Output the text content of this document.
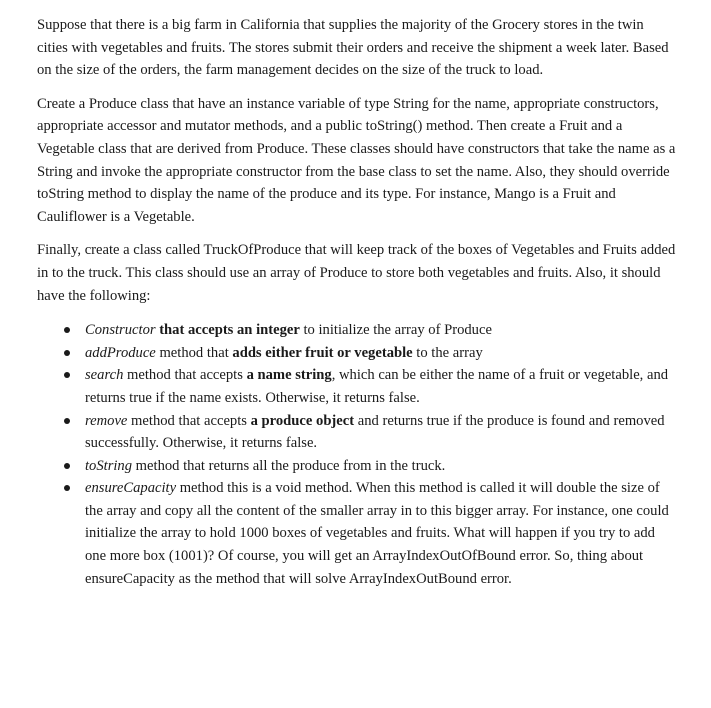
Suppose that there is a big farm in California that supplies the majority of the Grocery stores in the twin cities with vegetables and fruits. The stores submit their orders and receive the shipment a week later. Based on the size of the orders, the farm management decides on the size of the truck to load.

Create a Produce class that have an instance variable of type String for the name, appropriate constructors, appropriate accessor and mutator methods, and a public toString() method. Then create a Fruit and a Vegetable class that are derived from Produce. These classes should have constructors that take the name as a String and invoke the appropriate constructor from the base class to set the name. Also, they should override toString method to display the name of the produce and its type. For instance, Mango is a Fruit and Cauliflower is a Vegetable.

Finally, create a class called TruckOfProduce that will keep track of the boxes of Vegetables and Fruits added in to the truck. This class should use an array of Produce to store both vegetables and fruits. Also, it should have the following:

Constructor that accepts an integer to initialize the array of Produce
addProduce method that adds either fruit or vegetable to the array
search method that accepts a name string, which can be either the name of a fruit or vegetable, and returns true if the name exists. Otherwise, it returns false.
remove method that accepts a produce object and returns true if the produce is found and removed successfully. Otherwise, it returns false.
toString method that returns all the produce from in the truck.
ensureCapacity method this is a void method. When this method is called it will double the size of the array and copy all the content of the smaller array in to this bigger array. For instance, one could initialize the array to hold 1000 boxes of vegetables and fruits. What will happen if you try to add one more box (1001)? Of course, you will get an ArrayIndexOutOfBound error. So, thing about ensureCapacity as the method that will solve ArrayIndexOutBound error.
